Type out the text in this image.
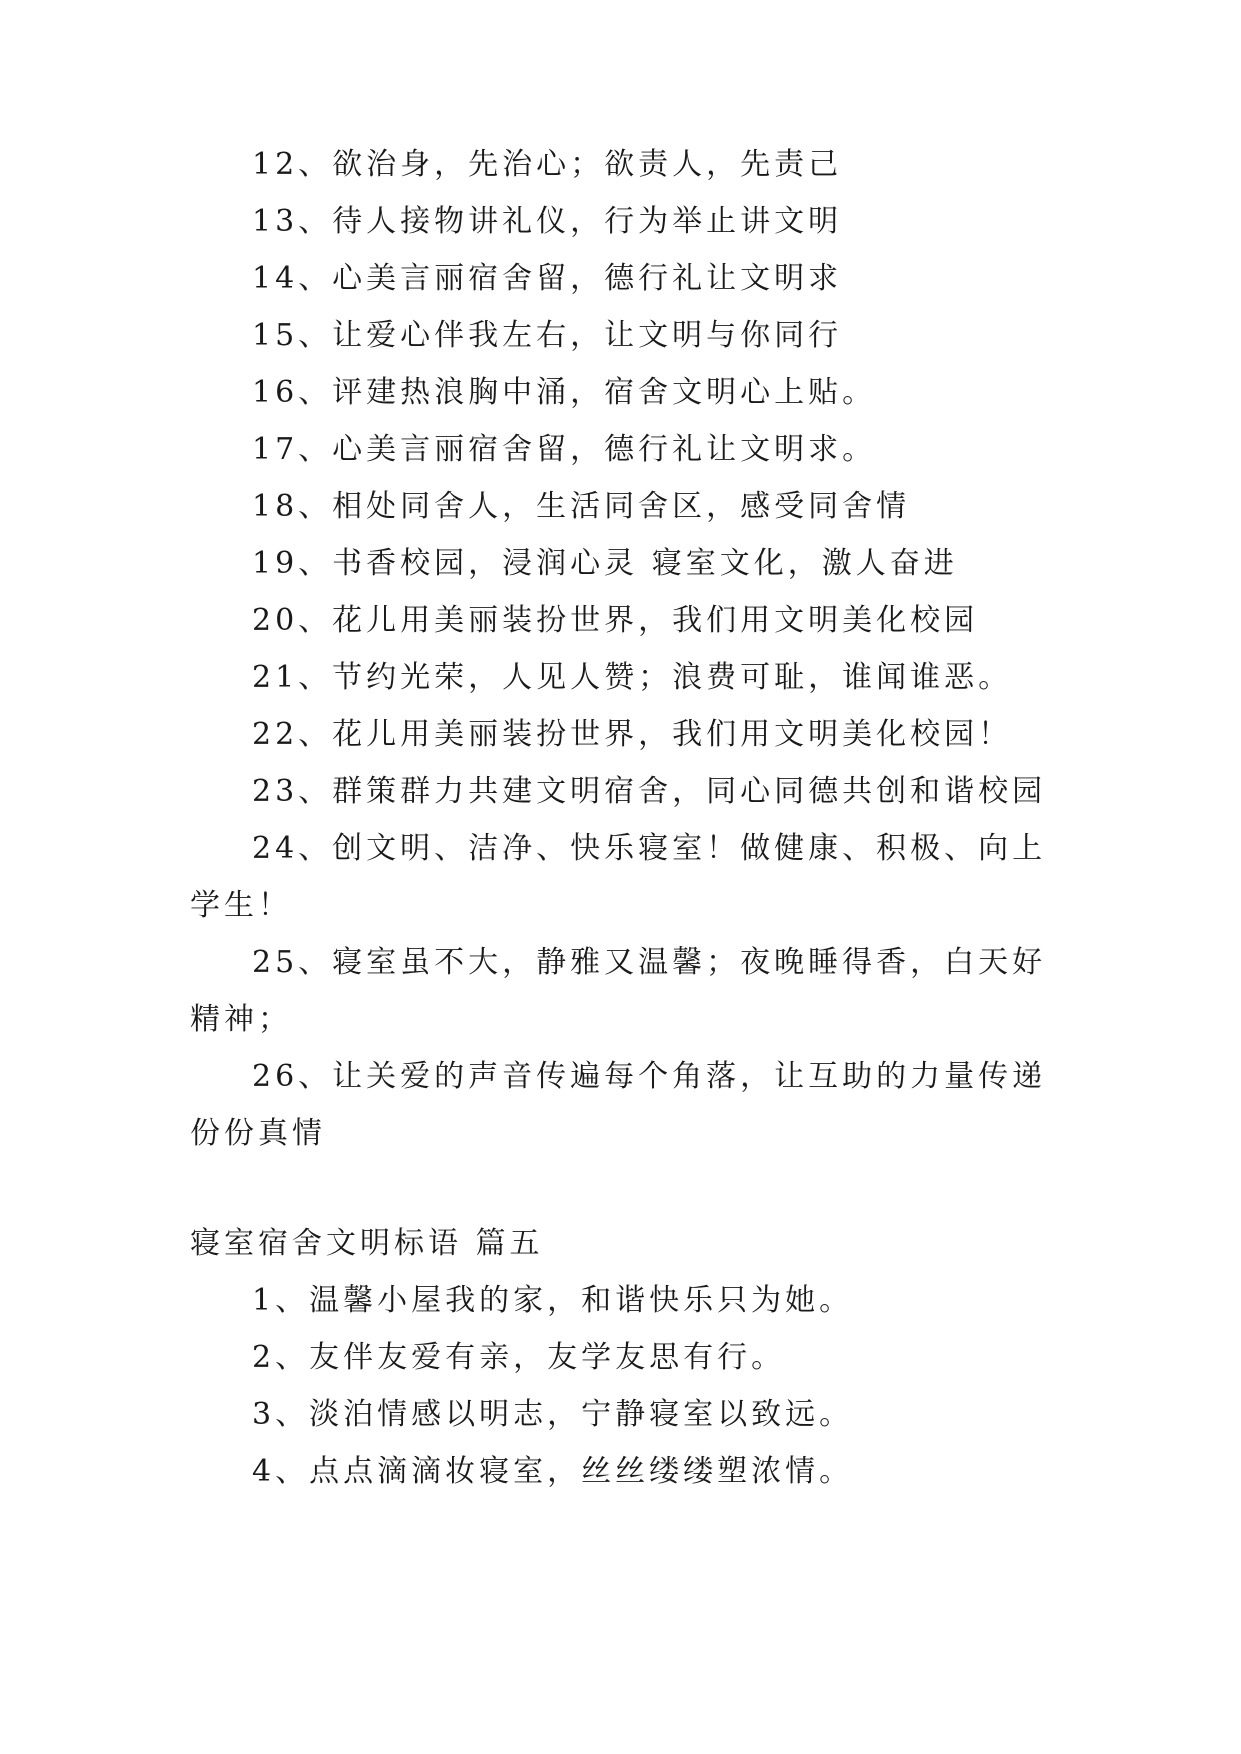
12、欲治身，先治心；欲责人，先责己

13、待人接物讲礼仪，行为举止讲文明

14、心美言丽宿舍留，德行礼让文明求

15、让爱心伴我左右，让文明与你同行

16、评建热浪胸中涌，宿舍文明心上贴。

17、心美言丽宿舍留，德行礼让文明求。

18、相处同舍人，生活同舍区，感受同舍情

19、书香校园，浸润心灵 寝室文化，激人奋进

20、花儿用美丽装扮世界，我们用文明美化校园

21、节约光荣，人见人赞；浪费可耻，谁闻谁恶。

22、花儿用美丽装扮世界，我们用文明美化校园！

23、群策群力共建文明宿舍，同心同德共创和谐校园

24、创文明、洁净、快乐寝室！做健康、积极、向上学生！

25、寝室虽不大，静雅又温馨；夜晚睡得香，白天好精神；

26、让关爱的声音传遍每个角落，让互助的力量传递份份真情

寝室宿舍文明标语 篇五

1、温馨小屋我的家，和谐快乐只为她。

2、友伴友爱有亲，友学友思有行。

3、淡泊情感以明志，宁静寝室以致远。

4、点点滴滴妆寝室，丝丝缕缕塑浓情。
